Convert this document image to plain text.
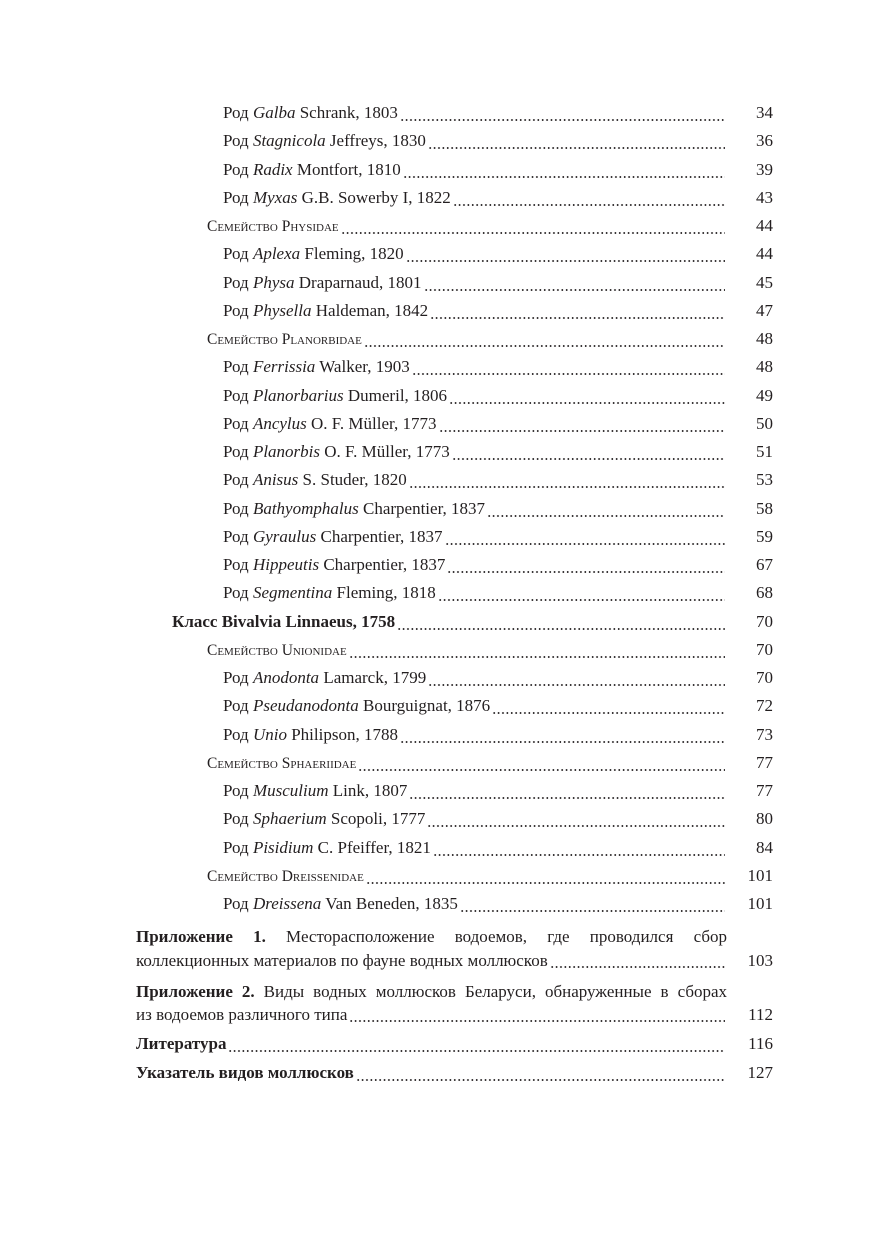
Род Galba Schrank, 1803	34
Род Stagnicola Jeffreys, 1830	36
Род Radix Montfort, 1810	39
Род Myxas G.B. Sowerby I, 1822	43
Семейство Physidae	44
Род Aplexa Fleming, 1820	44
Род Physa Draparnaud, 1801	45
Род Physella Haldeman, 1842	47
Семейство Planorbidae	48
Род Ferrissia Walker, 1903	48
Род Planorbarius Dumeril, 1806	49
Род Ancylus O. F. Müller, 1773	50
Род Planorbis O. F. Müller, 1773	51
Род Anisus S. Studer, 1820	53
Род Bathyomphalus Charpentier, 1837	58
Род Gyraulus Charpentier, 1837	59
Род Hippeutis Charpentier, 1837	67
Род Segmentina Fleming, 1818	68
Класс Bivalvia Linnaeus, 1758	70
Семейство Unionidae	70
Род Anodonta Lamarck, 1799	70
Род Pseudanodonta Bourguignat, 1876	72
Род Unio Philipson, 1788	73
Семейство Sphaeriidae	77
Род Musculium Link, 1807	77
Род Sphaerium Scopoli, 1777	80
Род Pisidium C. Pfeiffer, 1821	84
Семейство Dreissenidae	101
Род Dreissena Van Beneden, 1835	101
Приложение 1. Месторасположение водоемов, где проводился сбор
коллекционных материалов по фауне водных моллюсков	103
Приложение 2. Виды водных моллюсков Беларуси, обнаруженные в сборах
из водоемов различного типа	112
Литература	116
Указатель видов моллюсков	127
